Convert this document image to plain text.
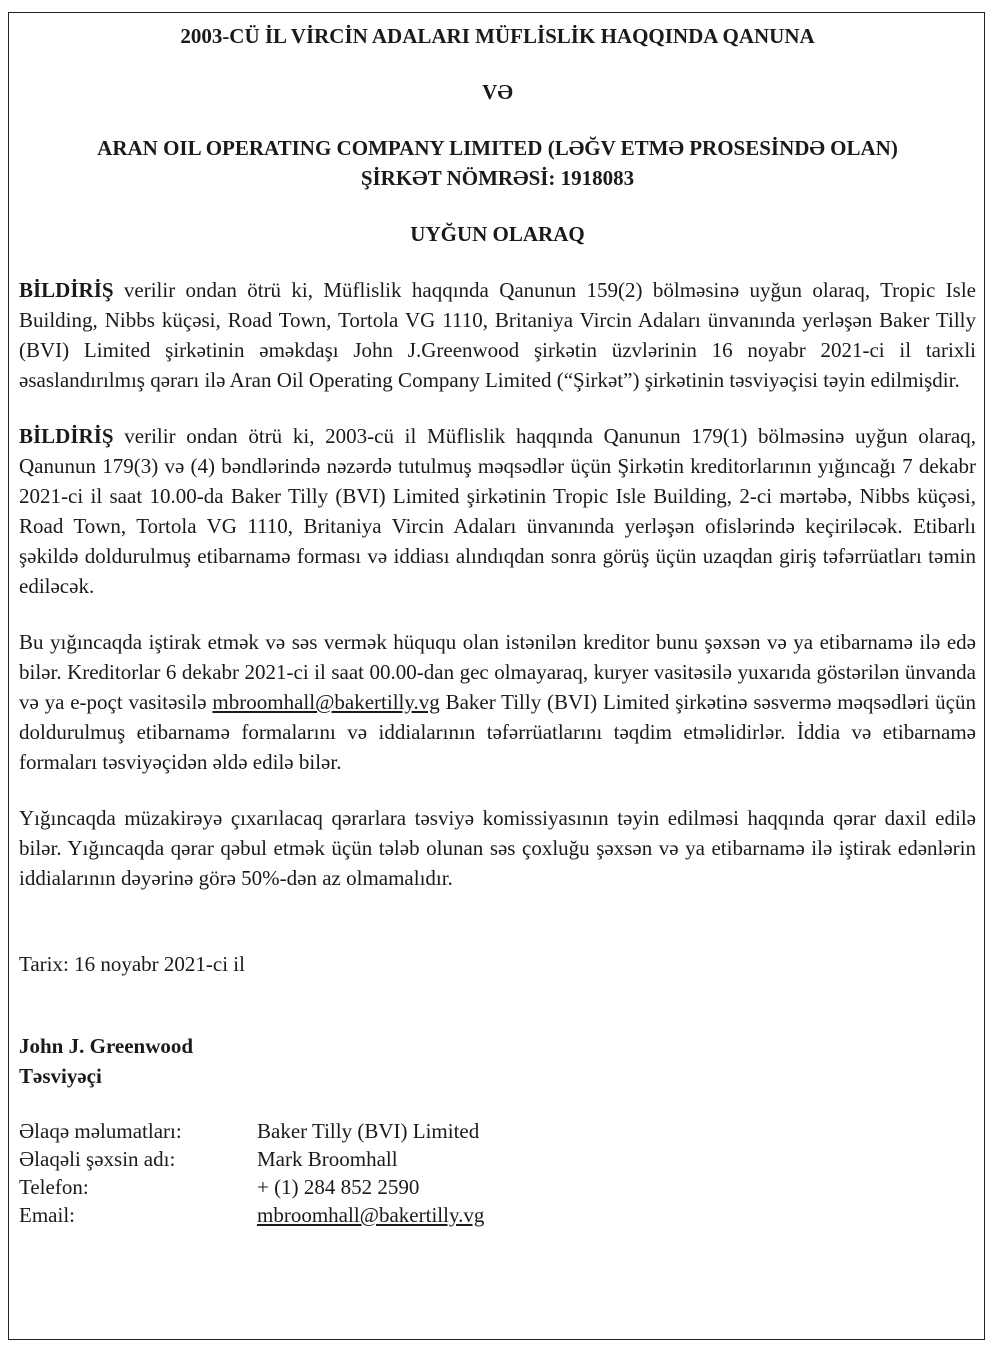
2003-CÜ İL VİRCİN ADALARI MÜFLİSLİK HAQQINDA QANUNA

VƏ

ARAN OIL OPERATING COMPANY LIMITED (LƏĞV ETMƏ PROSESİNDƏ OLAN)

ŞİRKƏT NÖMRƏSİ: 1918083

UYĞUN OLARAQ

BİLDİRİŞ verilir ondan ötrü ki, Müflislik haqqında Qanunun 159(2) bölməsinə uyğun olaraq, Tropic Isle Building, Nibbs küçəsi, Road Town, Tortola VG 1110, Britaniya Vircin Adaları ünvanında yerləşən Baker Tilly (BVI) Limited şirkətinin əməkdaşı John J.Greenwood şirkətin üzvlərinin 16 noyabr 2021-ci il tarixli əsaslandırılmış qərarı ilə Aran Oil Operating Company Limited (“Şirkət”) şirkətinin təsviyəçisi təyin edilmişdir.

BİLDİRİŞ verilir ondan ötrü ki, 2003-cü il Müflislik haqqında Qanunun 179(1) bölməsinə uyğun olaraq, Qanunun 179(3) və (4) bəndlərində nəzərdə tutulmuş məqsədlər üçün Şirkətin kreditorlarının yığıncağı 7 dekabr 2021-ci il saat 10.00-da Baker Tilly (BVI) Limited şirkətinin Tropic Isle Building, 2-ci mərtəbə, Nibbs küçəsi, Road Town, Tortola VG 1110, Britaniya Vircin Adaları ünvanında yerləşən ofislərində keçiriləcək. Etibarlı şəkildə doldurulmuş etibarnamə forması və iddiası alındıqdan sonra görüş üçün uzaqdan giriş təfərrüatları təmin ediləcək.

Bu yığıncaqda iştirak etmək və səs vermək hüququ olan istənilən kreditor bunu şəxsən və ya etibarnamə ilə edə bilər. Kreditorlar 6 dekabr 2021-ci il saat 00.00-dan gec olmayaraq, kuryer vasitəsilə yuxarıda göstərilən ünvanda və ya e-poçt vasitəsilə mbroomhall@bakertilly.vg Baker Tilly (BVI) Limited şirkətinə səsvermə məqsədləri üçün doldurulmuş etibarnamə formalarını və iddialarının təfərrüatlarını təqdim etməlidirlər. İddia və etibarnamə formaları təsviyəçidən əldə edilə bilər.

Yığıncaqda müzakirəyə çıxarılacaq qərarlara təsviyə komissiyasının təyin edilməsi haqqında qərar daxil edilə bilər. Yığıncaqda qərar qəbul etmək üçün tələb olunan səs çoxluğu şəxsən və ya etibarnamə ilə iştirak edənlərin iddialarının dəyərinə görə 50%-dən az olmamalıdır.

Tarix: 16 noyabr 2021-ci il

John J. Greenwood

Təsviyəçi

Əlaqə məlumatları:	Baker Tilly (BVI) Limited
Əlaqəli şəxsin adı:	Mark Broomhall
Telefon:	+ (1) 284 852 2590
Email:	mbroomhall@bakertilly.vg
